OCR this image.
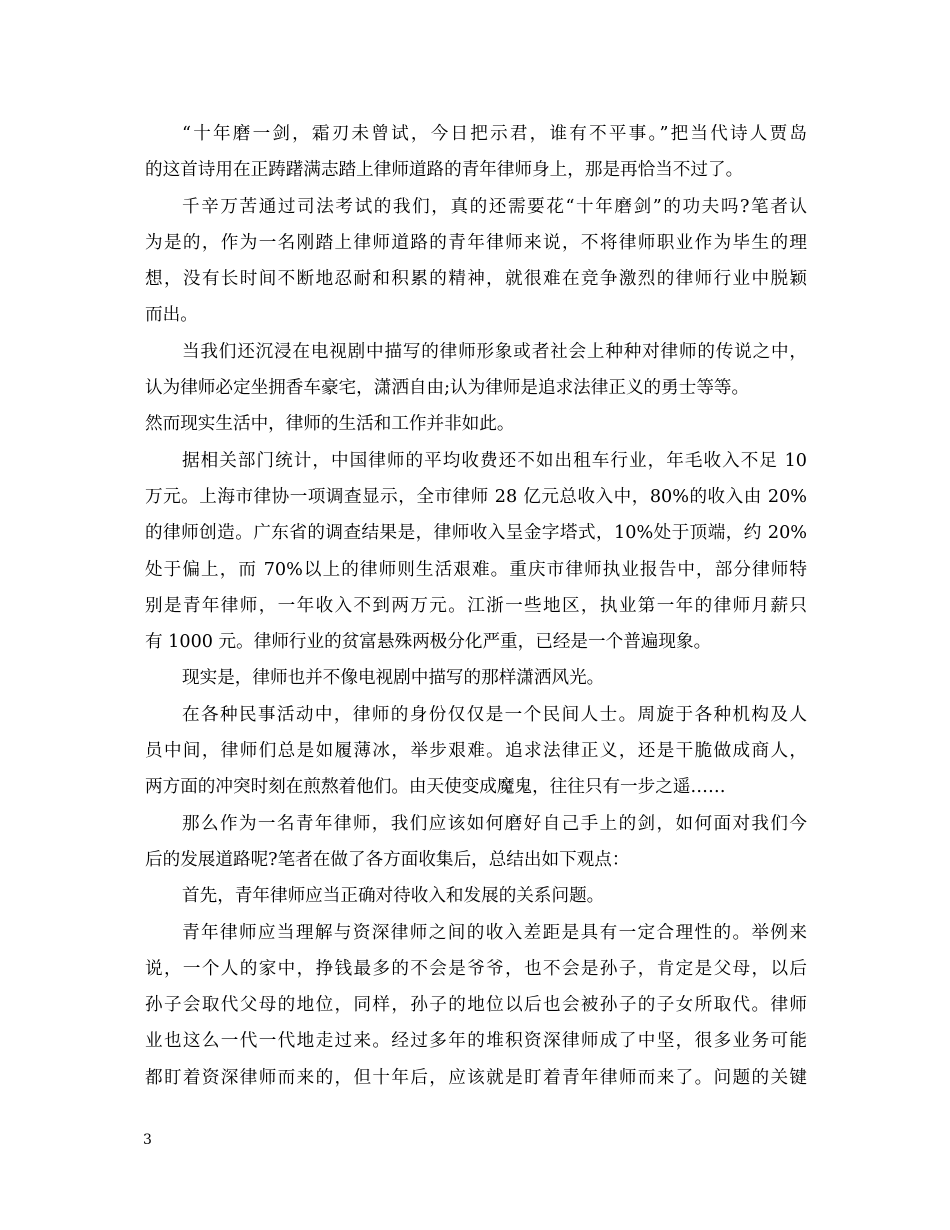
“十年磨一剑，霜刃未曾试，今日把示君，谁有不平事。”把当代诗人贾岛
的这首诗用在正踌躇满志踏上律师道路的青年律师身上，那是再恰当不过了。
千辛万苦通过司法考试的我们，真的还需要花“十年磨剑”的功夫吗?笔者认
为是的，作为一名刚踏上律师道路的青年律师来说，不将律师职业作为毕生的理
想，没有长时间不断地忍耐和积累的精神，就很难在竞争激烈的律师行业中脱颖
而出。
当我们还沉浸在电视剧中描写的律师形象或者社会上种种对律师的传说之中，
认为律师必定坐拥香车豪宅，潇洒自由;认为律师是追求法律正义的勇士等等。
然而现实生活中，律师的生活和工作并非如此。
据相关部门统计，中国律师的平均收费还不如出租车行业，年毛收入不足 10
万元。上海市律协一项调查显示，全市律师 28 亿元总收入中，80%的收入由 20%
的律师创造。广东省的调查结果是，律师收入呈金字塔式，10%处于顶端，约 20%
处于偏上，而 70%以上的律师则生活艰难。重庆市律师执业报告中，部分律师特
别是青年律师，一年收入不到两万元。江浙一些地区，执业第一年的律师月薪只
有 1000 元。律师行业的贫富悬殊两极分化严重，已经是一个普遍现象。
现实是，律师也并不像电视剧中描写的那样潇洒风光。
在各种民事活动中，律师的身份仅仅是一个民间人士。周旋于各种机构及人
员中间，律师们总是如履薄冰，举步艰难。追求法律正义，还是干脆做成商人，
两方面的冲突时刻在煎熬着他们。由天使变成魔鬼，往往只有一步之遥……
那么作为一名青年律师，我们应该如何磨好自己手上的剑，如何面对我们今
后的发展道路呢?笔者在做了各方面收集后，总结出如下观点：
首先，青年律师应当正确对待收入和发展的关系问题。
青年律师应当理解与资深律师之间的收入差距是具有一定合理性的。举例来
说，一个人的家中，挣钱最多的不会是爷爷，也不会是孙子，肯定是父母，以后
孙子会取代父母的地位，同样，孙子的地位以后也会被孙子的子女所取代。律师
业也这么一代一代地走过来。经过多年的堆积资深律师成了中坚，很多业务可能
都盯着资深律师而来的，但十年后，应该就是盯着青年律师而来了。问题的关键
3
